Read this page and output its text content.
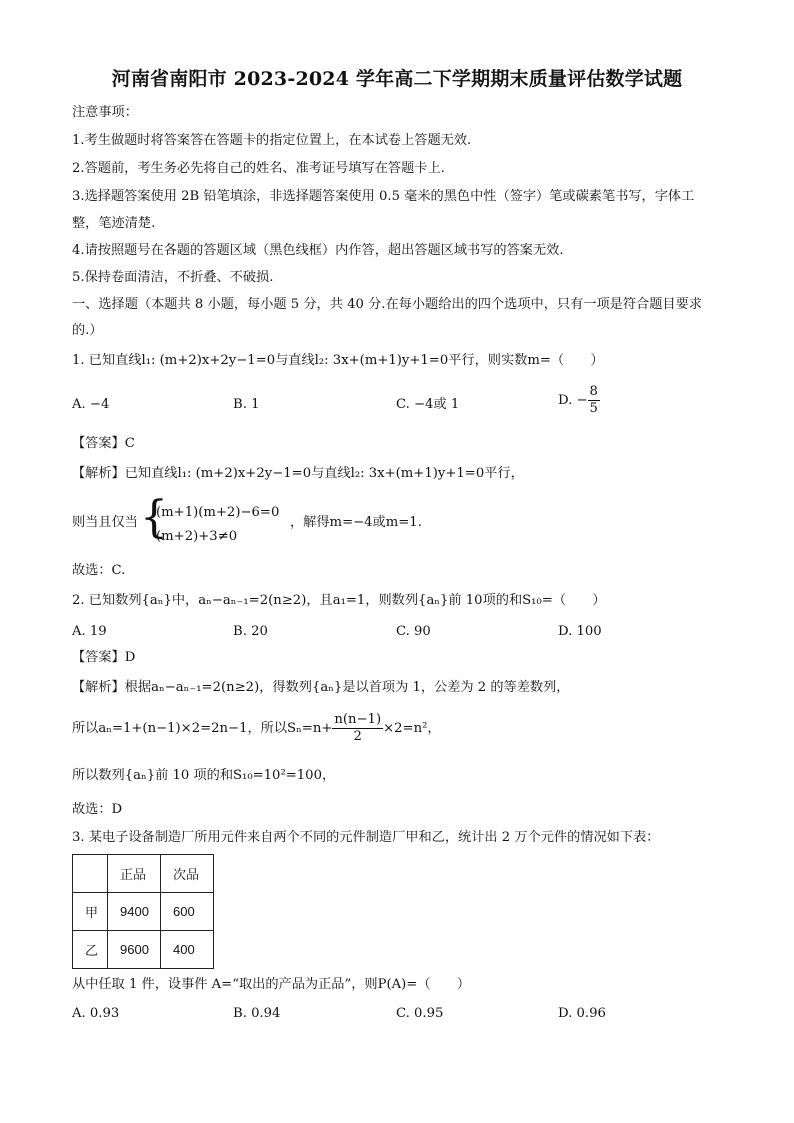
河南省南阳市 2023-2024 学年高二下学期期末质量评估数学试题
注意事项：
1.考生做题时将答案答在答题卡的指定位置上，在本试卷上答题无效.
2.答题前，考生务必先将自己的姓名、准考证号填写在答题卡上.
3.选择题答案使用 2B 铅笔填涂，非选择题答案使用 0.5 毫米的黑色中性（签字）笔或碳素笔书写，字体工
整，笔迹清楚.
4.请按照题号在各题的答题区域（黑色线框）内作答，超出答题区域书写的答案无效.
5.保持卷面清洁，不折叠、不破损.
一、选择题（本题共 8 小题，每小题 5 分，共 40 分.在每小题给出的四个选项中，只有一项是符合题目要求
的.）
1. 已知直线l₁: (m+2)x+2y−1=0与直线l₂: 3x+(m+1)y+1=0平行，则实数m=（　　）
A. −4	B. 1	C. −4或 1	D. − $\frac{8}{5}$
【答案】C
【解析】已知直线l₁: (m+2)x+2y−1=0与直线l₂: 3x+(m+1)y+1=0平行，
则当且仅当 {
(m+1)(m+2)−6=0
(m+2)+3≠0
，解得m=−4或m=1.
故选：C.
2. 已知数列{aₙ}中，aₙ−aₙ₋₁=2(n≥2)，且a₁=1，则数列{aₙ}前 10项的和S₁₀=（　　）
A. 19	B. 20	C. 90	D. 100
【答案】D
【解析】根据aₙ−aₙ₋₁=2(n≥2)，得数列{aₙ}是以首项为 1，公差为 2 的等差数列，
所以aₙ=1+(n−1)×2=2n−1，所以$S_n=n+ \frac{n(n-1)}{2} \times 2=n^2$，
所以数列{aₙ}前 10 项的和S₁₀=10²=100，
故选：D
3. 某电子设备制造厂所用元件来自两个不同的元件制造厂甲和乙，统计出 2 万个元件的情况如下表：
	正品	次品
甲	9400	600
乙	9600	400
从中任取 1 件，设事件 A=“取出的产品为正品”，则P(A)=（　　）
A. 0.93	B. 0.94	C. 0.95	D. 0.96
